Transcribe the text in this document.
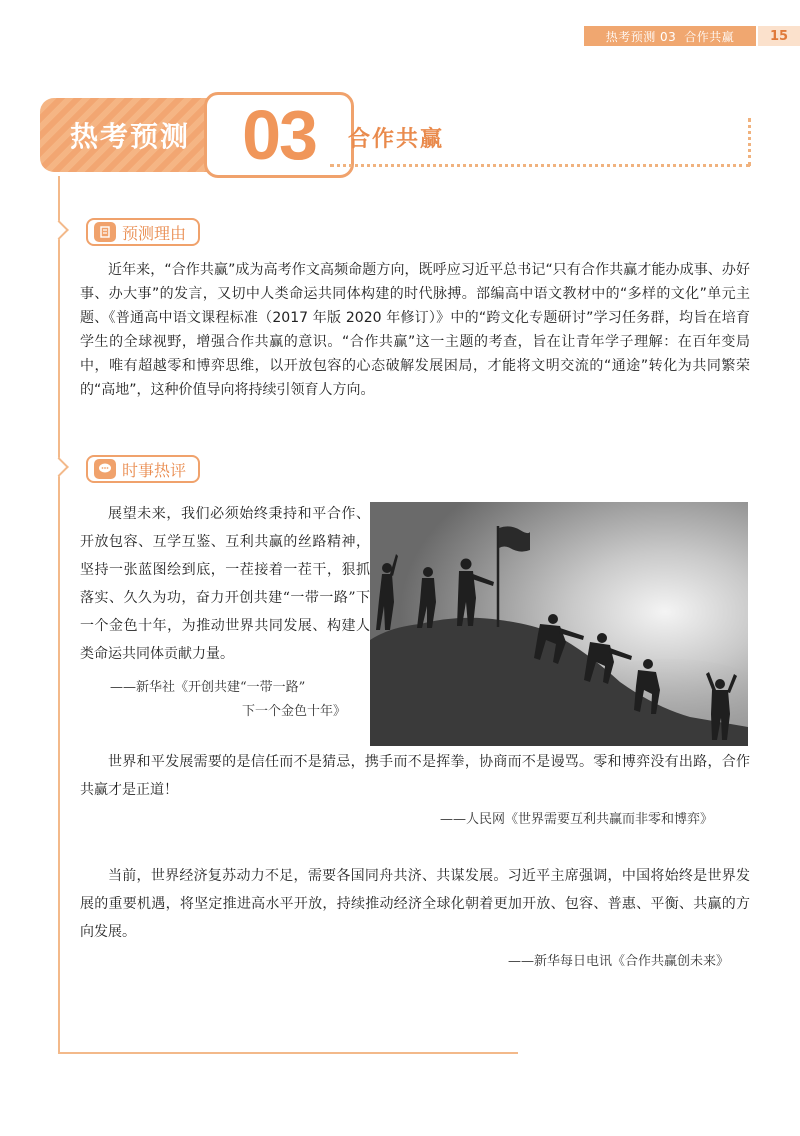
热考预测 03 合作共赢	15
热考预测 03	合作共赢
预测理由
近年来，“合作共赢”成为高考作文高频命题方向，既呼应习近平总书记“只有合作共赢才能办成事、办好事、办大事”的发言，又切中人类命运共同体构建的时代脉搏。部编高中语文教材中的“多样的文化”单元主题、《普通高中语文课程标准（2017 年版 2020 年修订）》中的“跨文化专题研讨”学习任务群，均旨在培育学生的全球视野，增强合作共赢的意识。“合作共赢”这一主题的考查，旨在让青年学子理解：在百年变局中，唯有超越零和博弈思维，以开放包容的心态破解发展困局，才能将文明交流的“通途”转化为共同繁荣的“高地”，这种价值导向将持续引领育人方向。
时事热评
展望未来，我们必须始终秉持和平合作、开放包容、互学互鉴、互利共赢的丝路精神，坚持一张蓝图绘到底，一茬接着一茬干，狠抓落实、久久为功，奋力开创共建“一带一路”下一个金色十年，为推动世界共同发展、构建人类命运共同体贡献力量。
——新华社《开创共建“一带一路”
下一个金色十年》
世界和平发展需要的是信任而不是猜忌，携手而不是挥拳，协商而不是谩骂。零和博弈没有出路，合作共赢才是正道！
——人民网《世界需要互利共赢而非零和博弈》
当前，世界经济复苏动力不足，需要各国同舟共济、共谋发展。习近平主席强调，中国将始终是世界发展的重要机遇，将坚定推进高水平开放，持续推动经济全球化朝着更加开放、包容、普惠、平衡、共赢的方向发展。
——新华每日电讯《合作共赢创未来》
